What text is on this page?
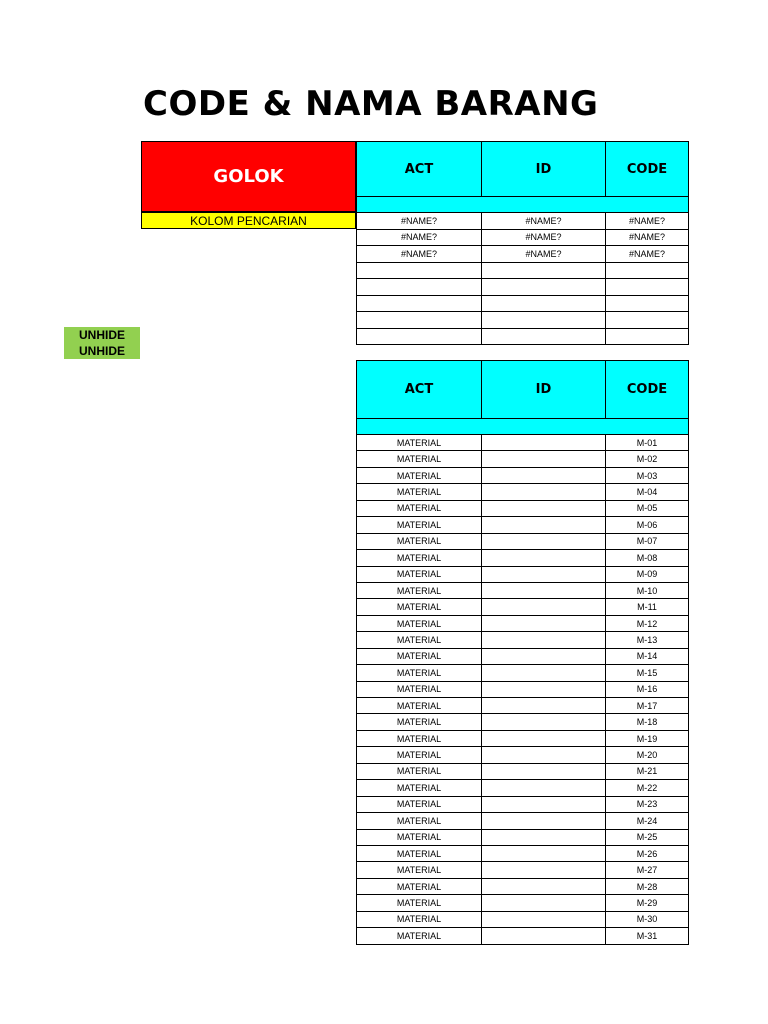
CODE & NAMA BARANG
GOLOK
KOLOM PENCARIAN
UNHIDE
UNHIDE
ACT	ID	CODE

#NAME?	#NAME?	#NAME?
#NAME?	#NAME?	#NAME?
#NAME?	#NAME?	#NAME?

ACT	ID	CODE

MATERIAL		M-01
MATERIAL		M-02
MATERIAL		M-03
MATERIAL		M-04
MATERIAL		M-05
MATERIAL		M-06
MATERIAL		M-07
MATERIAL		M-08
MATERIAL		M-09
MATERIAL		M-10
MATERIAL		M-11
MATERIAL		M-12
MATERIAL		M-13
MATERIAL		M-14
MATERIAL		M-15
MATERIAL		M-16
MATERIAL		M-17
MATERIAL		M-18
MATERIAL		M-19
MATERIAL		M-20
MATERIAL		M-21
MATERIAL		M-22
MATERIAL		M-23
MATERIAL		M-24
MATERIAL		M-25
MATERIAL		M-26
MATERIAL		M-27
MATERIAL		M-28
MATERIAL		M-29
MATERIAL		M-30
MATERIAL		M-31
